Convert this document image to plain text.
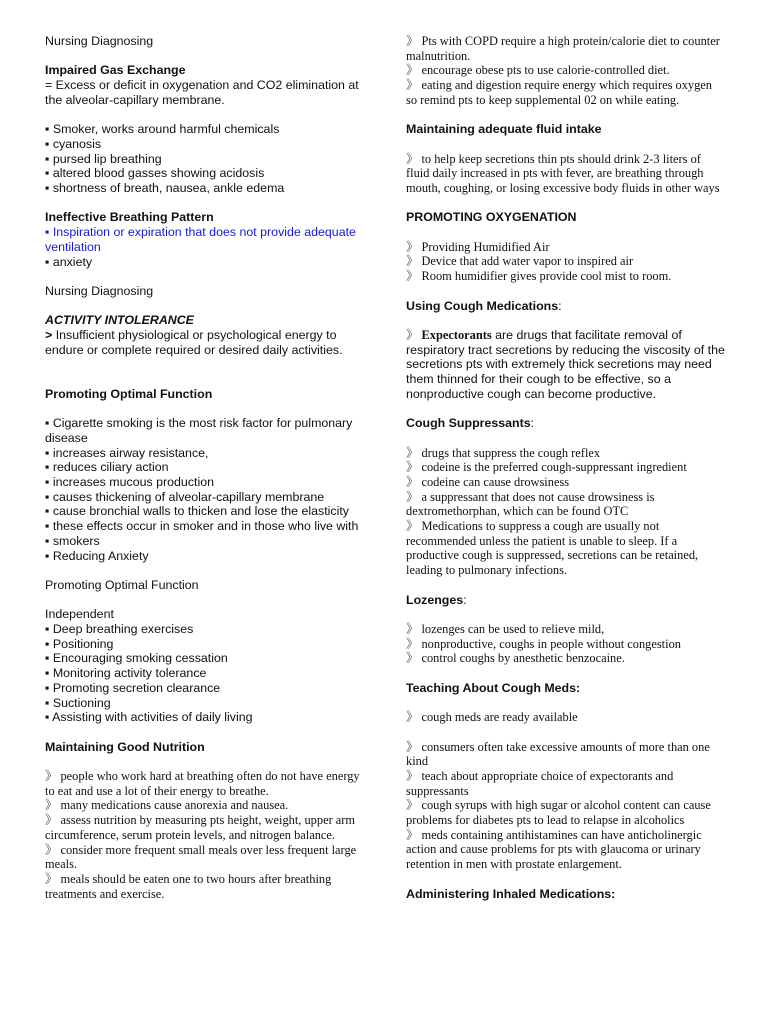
Nursing Diagnosing
Impaired Gas Exchange
= Excess or deficit in oxygenation and CO2 elimination at the alveolar-capillary membrane.
▪ Smoker, works around harmful chemicals
▪ cyanosis
▪ pursed lip breathing
▪ altered blood gasses showing acidosis
▪ shortness of breath, nausea, ankle edema
Ineffective Breathing Pattern
▪ Inspiration or expiration that does not provide adequate ventilation
▪ anxiety
Nursing Diagnosing
ACTIVITY INTOLERANCE
> Insufficient physiological or psychological energy to endure or complete required or desired daily activities.
Promoting Optimal Function
▪ Cigarette smoking is the most risk factor for pulmonary disease
▪ increases airway resistance,
▪ reduces ciliary action
▪ increases mucous production
▪ causes thickening of alveolar-capillary membrane
▪ cause bronchial walls to thicken and lose the elasticity
▪ these effects occur in smoker and in those who live with
▪ smokers
▪ Reducing Anxiety
Promoting Optimal Function
Independent
▪ Deep breathing exercises
▪ Positioning
▪ Encouraging smoking cessation
▪ Monitoring activity tolerance
▪ Promoting secretion clearance
▪ Suctioning
▪ Assisting with activities of daily living
Maintaining Good Nutrition
》 people who work hard at breathing often do not have energy to eat and use a lot of their energy to breathe.
》 many medications cause anorexia and nausea.
》 assess nutrition by measuring pts height, weight, upper arm circumference, serum protein levels, and nitrogen balance.
》 consider more frequent small meals over less frequent large meals.
》 meals should be eaten one to two hours after breathing treatments and exercise.
》 Pts with COPD require a high protein/calorie diet to counter malnutrition.
》 encourage obese pts to use calorie-controlled diet.
》 eating and digestion require energy which requires oxygen so remind pts to keep supplemental 02 on while eating.
Maintaining adequate fluid intake
》 to help keep secretions thin pts should drink 2-3 liters of fluid daily increased in pts with fever, are breathing through mouth, coughing, or losing excessive body fluids in other ways
PROMOTING OXYGENATION
》 Providing Humidified Air
》 Device that add water vapor to inspired air
》 Room humidifier gives provide cool mist to room.
Using Cough Medications:
》 Expectorants are drugs that facilitate removal of respiratory tract secretions by reducing the viscosity of the secretions pts with extremely thick secretions may need them thinned for their cough to be effective, so a nonproductive cough can become productive.
Cough Suppressants:
》 drugs that suppress the cough reflex
》 codeine is the preferred cough-suppressant ingredient
》 codeine can cause drowsiness
》 a suppressant that does not cause drowsiness is dextromethorphan, which can be found OTC
》 Medications to suppress a cough are usually not recommended unless the patient is unable to sleep. If a productive cough is suppressed, secretions can be retained, leading to pulmonary infections.
Lozenges:
》 lozenges can be used to relieve mild,
》 nonproductive, coughs in people without congestion
》 control coughs by anesthetic benzocaine.
Teaching About Cough Meds:
》 cough meds are ready available
》 consumers often take excessive amounts of more than one kind
》 teach about appropriate choice of expectorants and suppressants
》 cough syrups with high sugar or alcohol content can cause problems for diabetes pts to lead to relapse in alcoholics
》 meds containing antihistamines can have anticholinergic action and cause problems for pts with glaucoma or urinary retention in men with prostate enlargement.
Administering Inhaled Medications:
